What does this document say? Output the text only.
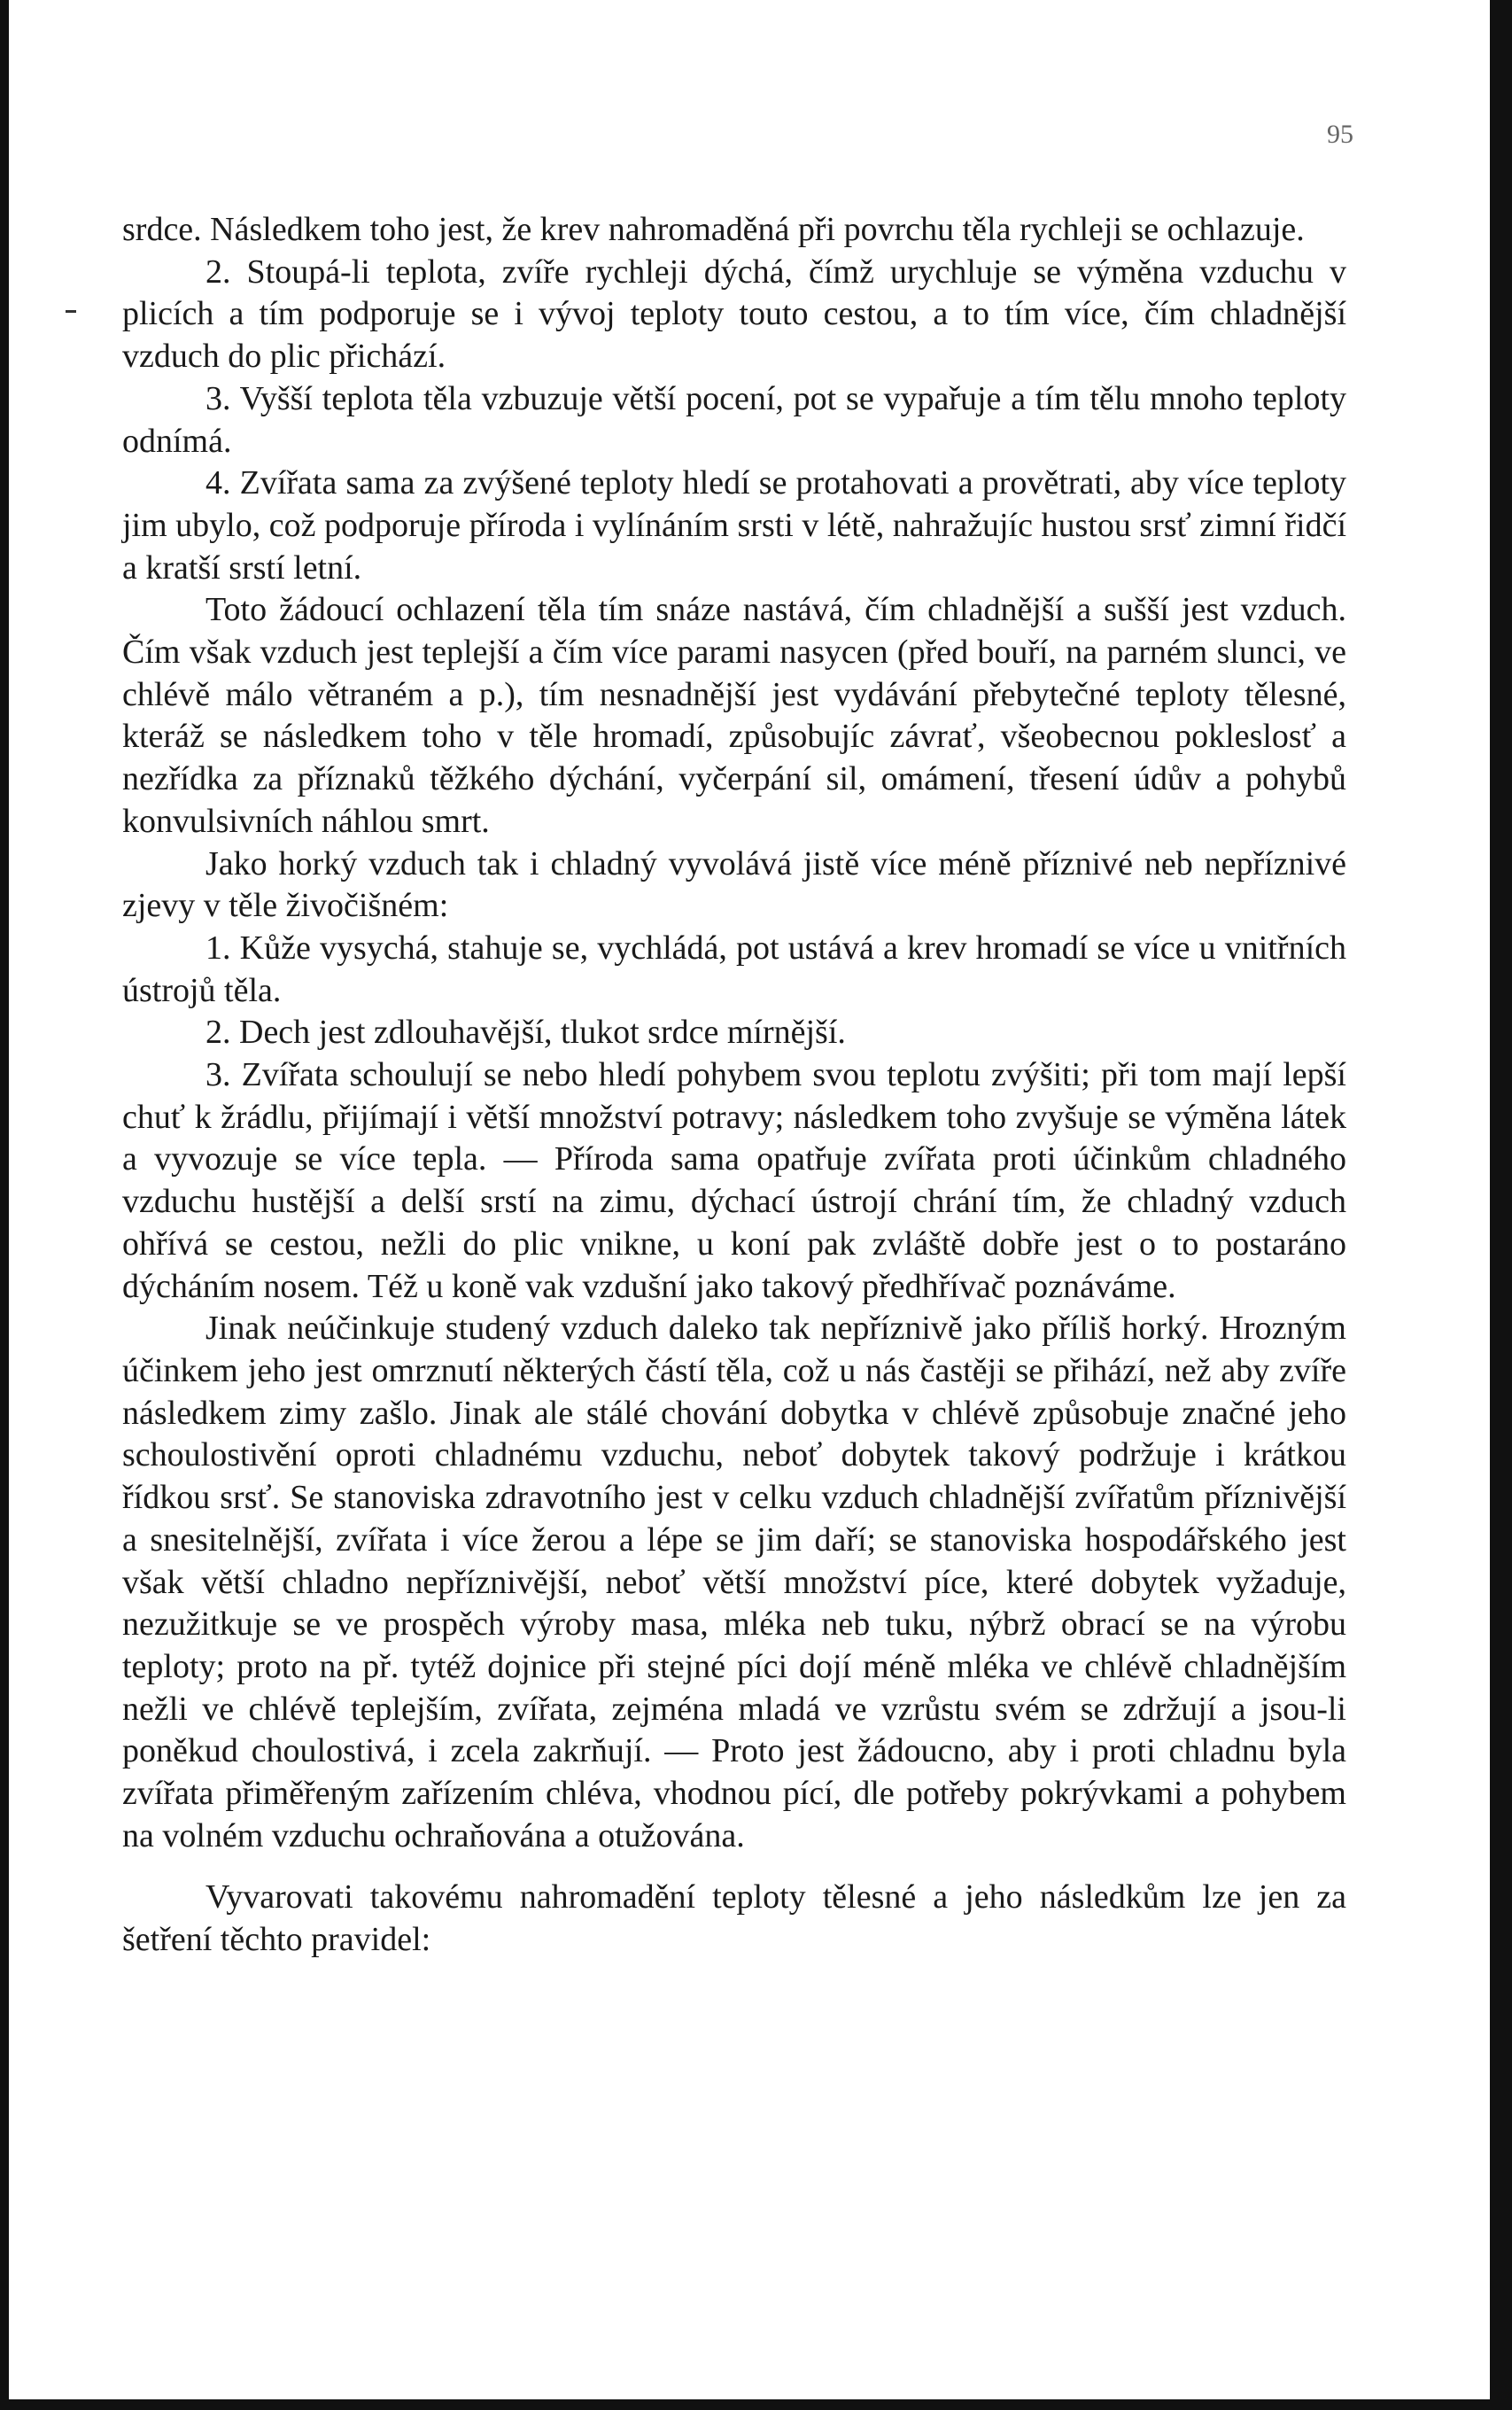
95

srdce. Následkem toho jest, že krev nahromaděná při povrchu těla rychleji se ochlazuje.

2. Stoupá-li teplota, zvíře rychleji dýchá, čímž urychluje se výměna vzduchu v plicích a tím podporuje se i vývoj teploty touto cestou, a to tím více, čím chladnější vzduch do plic přichází.

3. Vyšší teplota těla vzbuzuje větší pocení, pot se vypařuje a tím tělu mnoho teploty odnímá.

4. Zvířata sama za zvýšené teploty hledí se protahovati a provětrati, aby více teploty jim ubylo, což podporuje příroda i vylínáním srsti v létě, nahražujíc hustou srsť zimní řidčí a kratší srstí letní.

Toto žádoucí ochlazení těla tím snáze nastává, čím chladnější a sušší jest vzduch. Čím však vzduch jest teplejší a čím více parami nasycen (před bouří, na parném slunci, ve chlévě málo větraném a p.), tím nesnadnější jest vydávání přebytečné teploty tělesné, kteráž se následkem toho v těle hromadí, způsobujíc závrať, všeobecnou pokleslosť a nezřídka za příznaků těžkého dýchání, vyčerpání sil, omámení, třesení údův a pohybů konvulsivních náhlou smrt.

Jako horký vzduch tak i chladný vyvolává jistě více méně příznivé neb nepříznivé zjevy v těle živočišném:

1. Kůže vysychá, stahuje se, vychládá, pot ustává a krev hromadí se více u vnitřních ústrojů těla.

2. Dech jest zdlouhavější, tlukot srdce mírnější.

3. Zvířata schoulují se nebo hledí pohybem svou teplotu zvýšiti; při tom mají lepší chuť k žrádlu, přijímají i větší množství potravy; následkem toho zvyšuje se výměna látek a vyvozuje se více tepla. — Příroda sama opatřuje zvířata proti účinkům chladného vzduchu hustější a delší srstí na zimu, dýchací ústrojí chrání tím, že chladný vzduch ohřívá se cestou, nežli do plic vnikne, u koní pak zvláště dobře jest o to postaráno dýcháním nosem. Též u koně vak vzdušní jako takový předhřívač poznáváme.

Jinak neúčinkuje studený vzduch daleko tak nepříznivě jako příliš horký. Hrozným účinkem jeho jest omrznutí některých částí těla, což u nás častěji se přihází, než aby zvíře následkem zimy zašlo. Jinak ale stálé chování dobytka v chlévě způsobuje značné jeho schoulostivění oproti chladnému vzduchu, neboť dobytek takový podržuje i krátkou řídkou srsť. Se stanoviska zdravotního jest v celku vzduch chladnější zvířatům příznivější a snesitelnější, zvířata i více žerou a lépe se jim daří; se stanoviska hospodářského jest však větší chladno nepříznivější, neboť větší množství píce, které dobytek vyžaduje, nezužitkuje se ve prospěch výroby masa, mléka neb tuku, nýbrž obrací se na výrobu teploty; proto na př. tytéž dojnice při stejné píci dojí méně mléka ve chlévě chladnějším nežli ve chlévě teplejším, zvířata, zejména mladá ve vzrůstu svém se zdržují a jsou-li poněkud choulostivá, i zcela zakrňují. — Proto jest žádoucno, aby i proti chladnu byla zvířata přiměřeným zařízením chléva, vhodnou pící, dle potřeby pokrývkami a pohybem na volném vzduchu ochraňována a otužována.

Vyvarovati takovému nahromadění teploty tělesné a jeho následkům lze jen za šetření těchto pravidel:
